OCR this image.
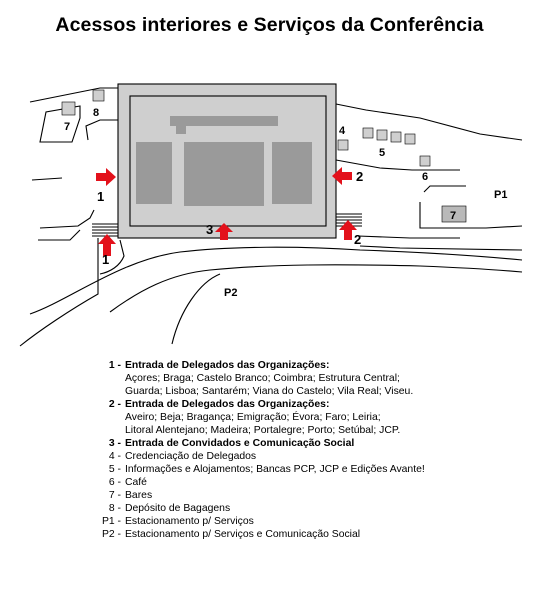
Acessos interiores e Serviços da Conferência
1
1
2
2
3
4
5
6
7
7
8
P1
P2
1 - Entrada de Delegados das Organizações:
Açores; Braga; Castelo Branco; Coimbra; Estrutura Central;
Guarda; Lisboa; Santarém; Viana do Castelo; Vila Real; Viseu.
2 - Entrada de Delegados das Organizações:
Aveiro; Beja; Bragança; Emigração; Évora; Faro; Leiria;
Litoral Alentejano; Madeira; Portalegre; Porto; Setúbal; JCP.
3 - Entrada de Convidados e Comunicação Social
4 - Credenciação de Delegados
5 - Informações e Alojamentos; Bancas PCP, JCP e Edições Avante!
6 - Café
7 - Bares
8 - Depósito de Bagagens
P1 - Estacionamento p/ Serviços
P2 - Estacionamento p/ Serviços e Comunicação Social
